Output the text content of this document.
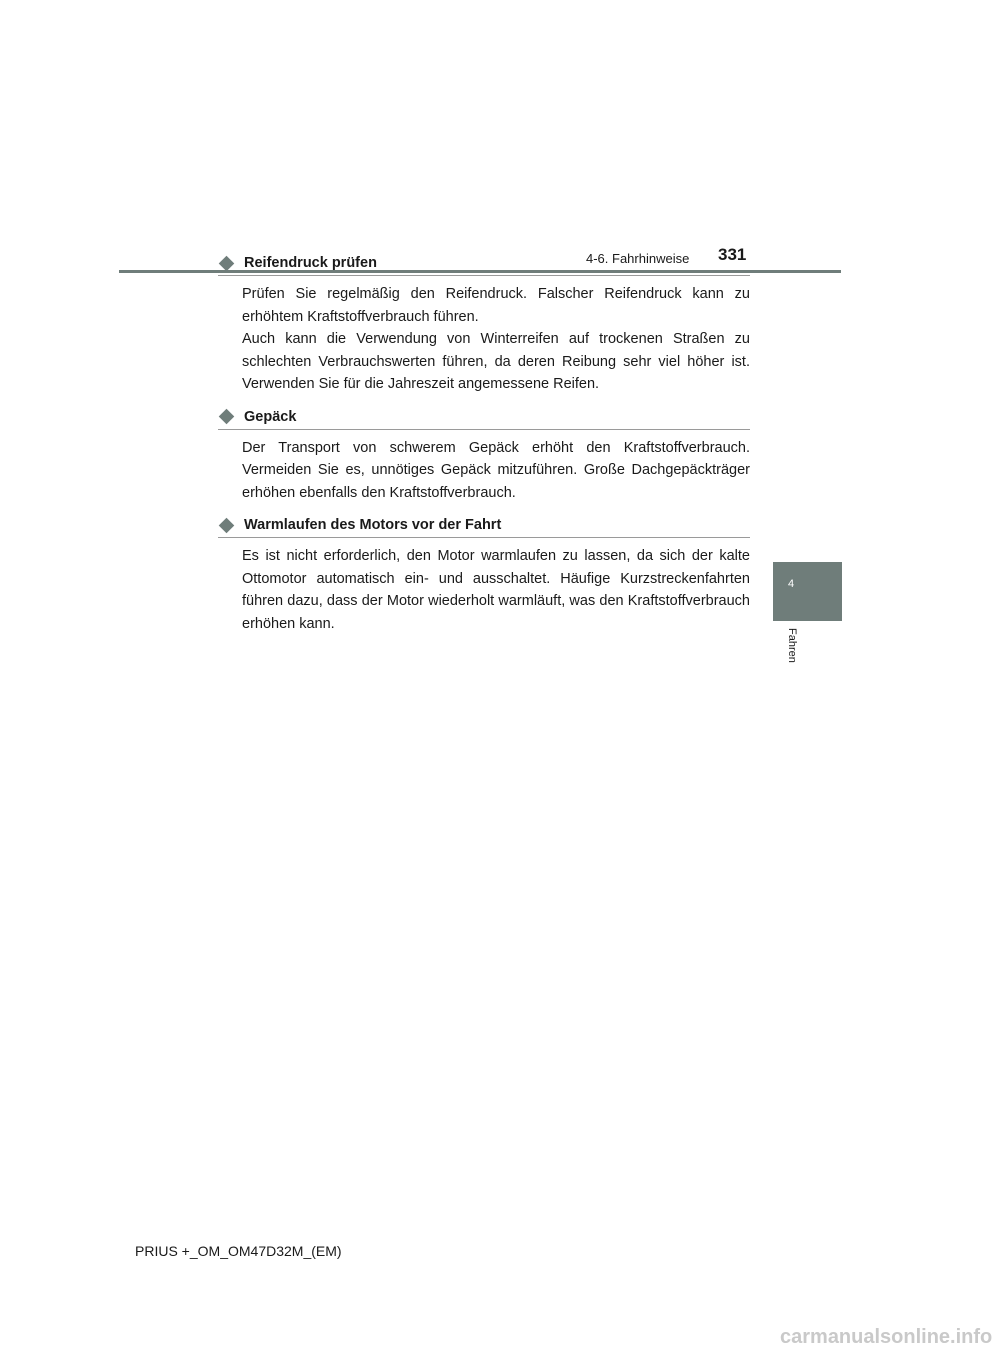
4-6. Fahrhinweise 331
4
Fahren
Reifendruck prüfen

Prüfen Sie regelmäßig den Reifendruck. Falscher Reifendruck kann zu erhöhtem Kraftstoffverbrauch führen.

Auch kann die Verwendung von Winterreifen auf trockenen Straßen zu schlechten Verbrauchswerten führen, da deren Reibung sehr viel höher ist. Verwenden Sie für die Jahreszeit angemessene Reifen.

Gepäck

Der Transport von schwerem Gepäck erhöht den Kraftstoffverbrauch. Vermeiden Sie es, unnötiges Gepäck mitzuführen. Große Dachgepäckträger erhöhen ebenfalls den Kraftstoffverbrauch.

Warmlaufen des Motors vor der Fahrt

Es ist nicht erforderlich, den Motor warmlaufen zu lassen, da sich der kalte Ottomotor automatisch ein- und ausschaltet. Häufige Kurzstreckenfahrten führen dazu, dass der Motor wiederholt warmläuft, was den Kraftstoffverbrauch erhöhen kann.

PRIUS +_OM_OM47D32M_(EM)
carmanualsonline.info
